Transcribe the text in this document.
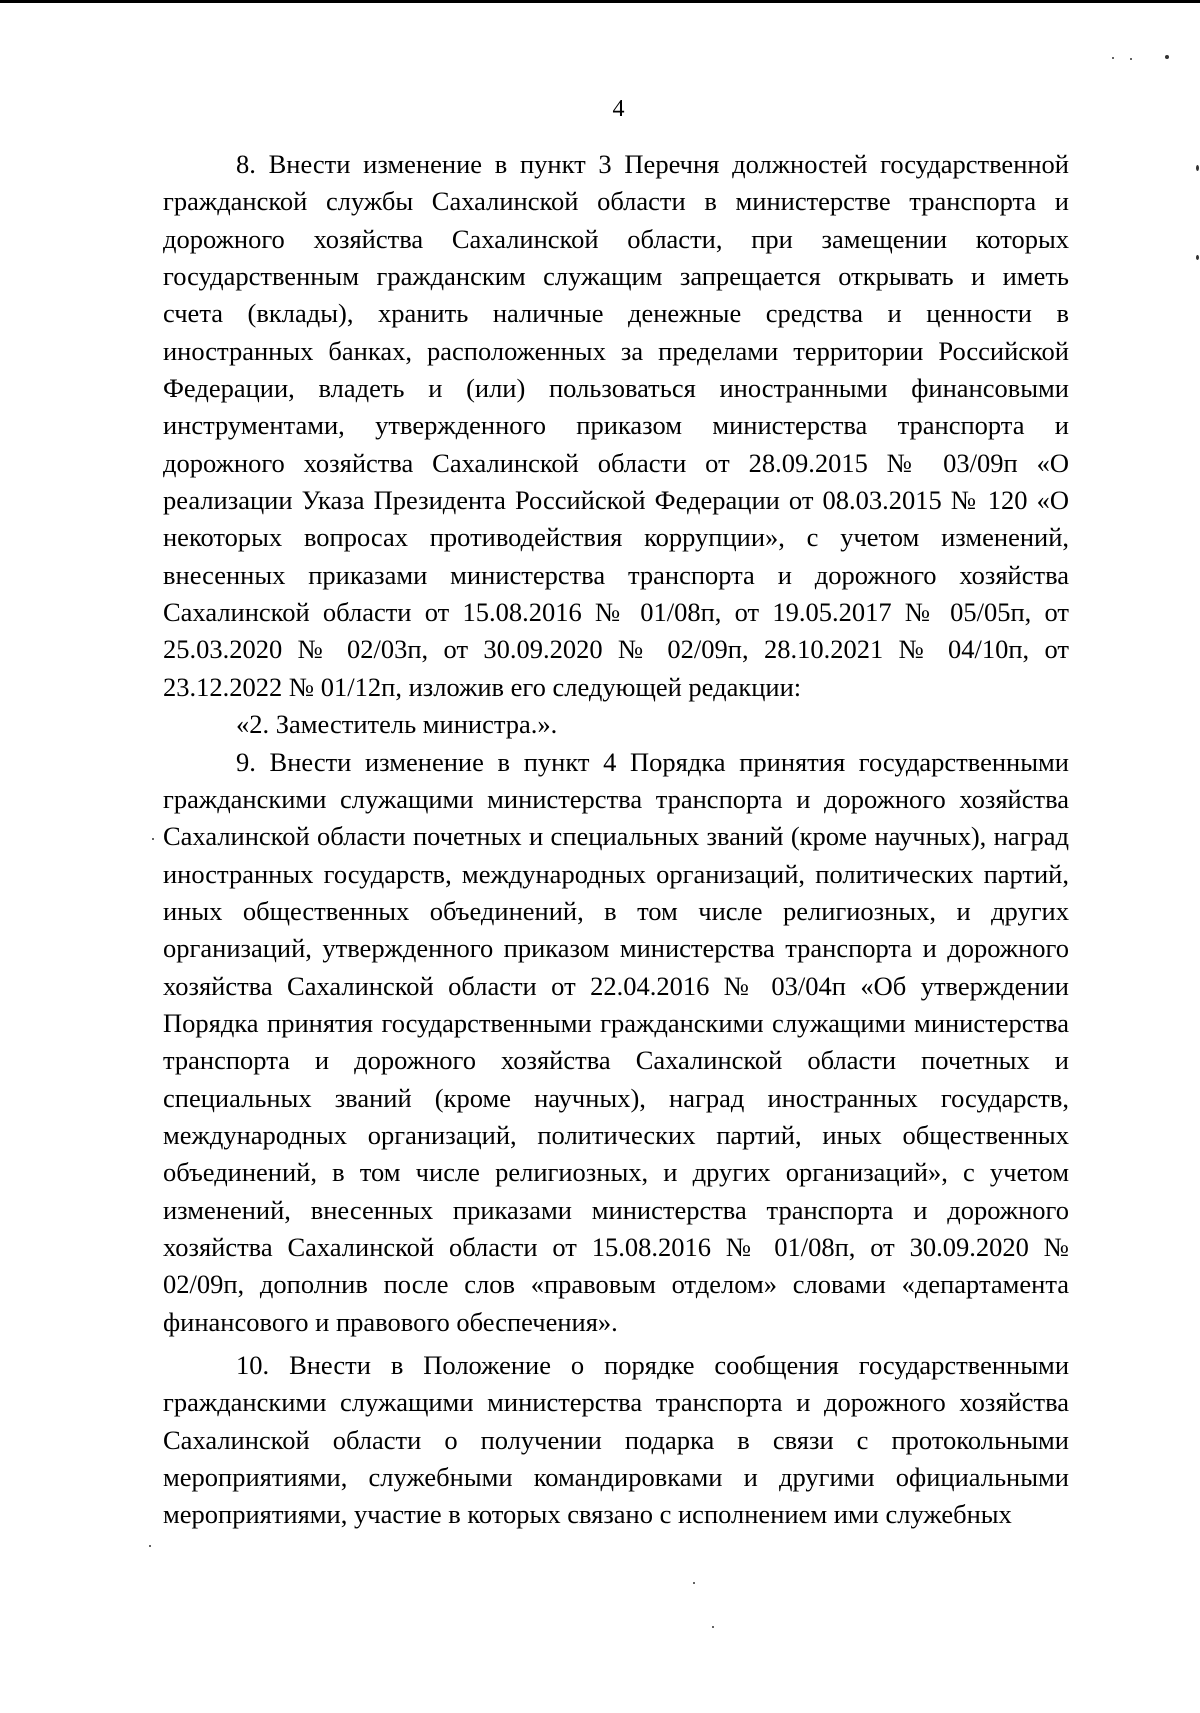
4

8. Внести изменение в пункт 3 Перечня должностей государственной гражданской службы Сахалинской области в министерстве транспорта и дорожного хозяйства Сахалинской области, при замещении которых государственным гражданским служащим запрещается открывать и иметь счета (вклады), хранить наличные денежные средства и ценности в иностранных банках, расположенных за пределами территории Российской Федерации, владеть и (или) пользоваться иностранными финансовыми инструментами, утвержденного приказом министерства транспорта и дорожного хозяйства Сахалинской области от 28.09.2015 № 03/09п «О реализации Указа Президента Российской Федерации от 08.03.2015 № 120 «О некоторых вопросах противодействия коррупции», с учетом изменений, внесенных приказами министерства транспорта и дорожного хозяйства Сахалинской области от 15.08.2016 № 01/08п, от 19.05.2017 № 05/05п, от 25.03.2020 № 02/03п, от 30.09.2020 № 02/09п, 28.10.2021 № 04/10п, от 23.12.2022 № 01/12п, изложив его следующей редакции:

«2. Заместитель министра.».

9. Внести изменение в пункт 4 Порядка принятия государственными гражданскими служащими министерства транспорта и дорожного хозяйства Сахалинской области почетных и специальных званий (кроме научных), наград иностранных государств, международных организаций, политических партий, иных общественных объединений, в том числе религиозных, и других организаций, утвержденного приказом министерства транспорта и дорожного хозяйства Сахалинской области от 22.04.2016 № 03/04п «Об утверждении Порядка принятия государственными гражданскими служащими министерства транспорта и дорожного хозяйства Сахалинской области почетных и специальных званий (кроме научных), наград иностранных государств, международных организаций, политических партий, иных общественных объединений, в том числе религиозных, и других организаций», с учетом изменений, внесенных приказами министерства транспорта и дорожного хозяйства Сахалинской области от 15.08.2016 № 01/08п, от 30.09.2020 № 02/09п, дополнив после слов «правовым отделом» словами «департамента финансового и правового обеспечения».

10. Внести в Положение о порядке сообщения государственными гражданскими служащими министерства транспорта и дорожного хозяйства Сахалинской области о получении подарка в связи с протокольными мероприятиями, служебными командировками и другими официальными мероприятиями, участие в которых связано с исполнением ими служебных
